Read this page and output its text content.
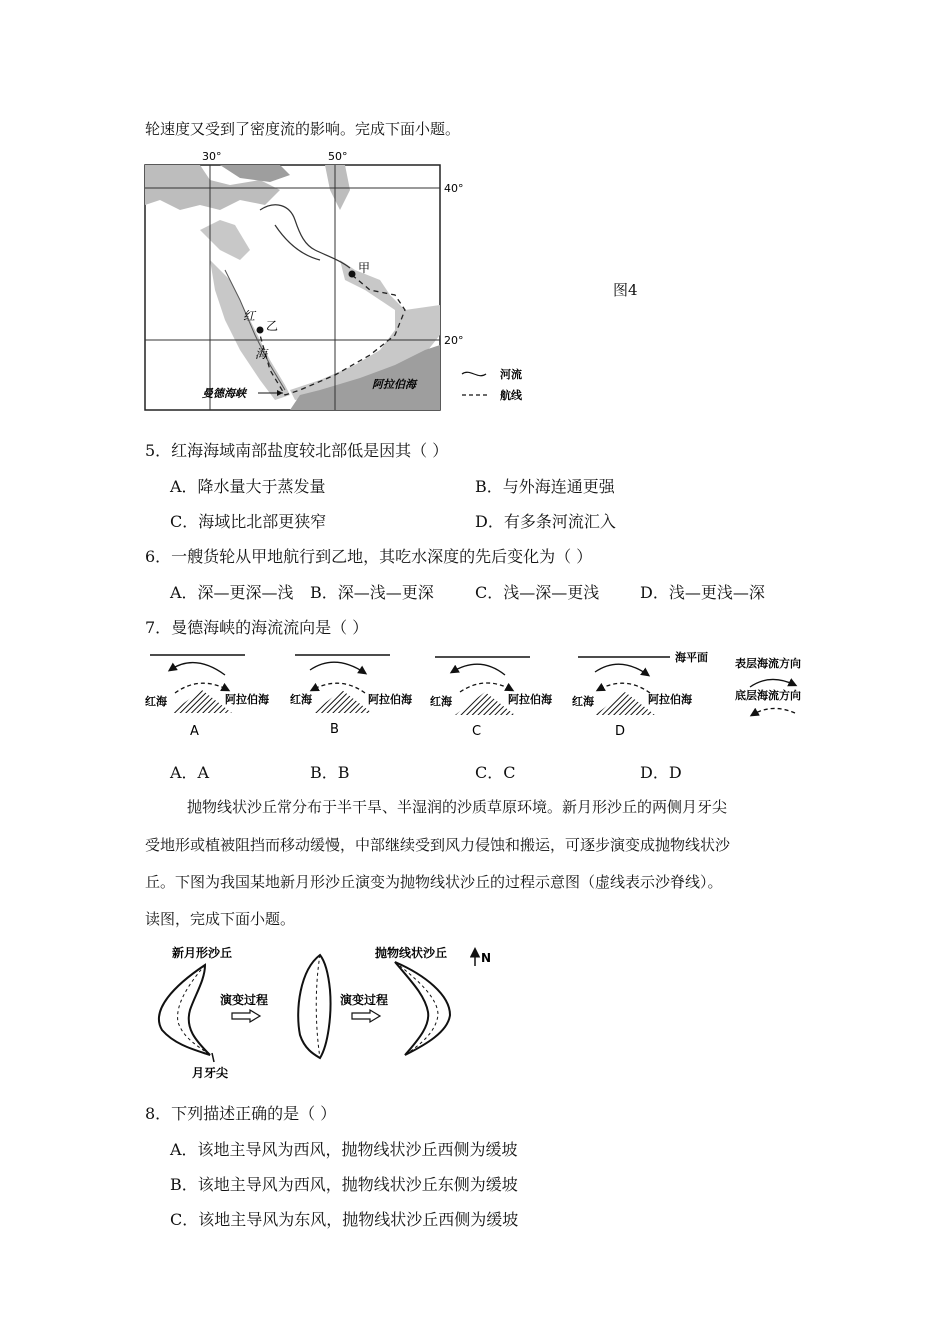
轮速度又受到了密度流的影响。完成下面小题。
30°	50°
40°
20°
甲
乙
红
海
曼德海峡
阿拉伯海
河流
航线
图4
5．红海海域南部盐度较北部低是因其（ ）
A．降水量大于蒸发量	B．与外海连通更强
C．海域比北部更狭窄	D．有多条河流汇入
6．一艘货轮从甲地航行到乙地，其吃水深度的先后变化为（ ）
A．深—更深—浅 B．深—浅—更深	C．浅—深—更浅	D．浅—更浅—深
7．曼德海峡的海流流向是（ ）
红海	阿拉伯海
A
红海	阿拉伯海
B
红海	阿拉伯海
C
海平面
红海	阿拉伯海
D
表层海流方向
底层海流方向
A．A	B．B	C．C	D．D
抛物线状沙丘常分布于半干旱、半湿润的沙质草原环境。新月形沙丘的两侧月牙尖
受地形或植被阻挡而移动缓慢，中部继续受到风力侵蚀和搬运，可逐步演变成抛物线状沙
丘。下图为我国某地新月形沙丘演变为抛物线状沙丘的过程示意图（虚线表示沙脊线）。
读图，完成下面小题。
新月形沙丘
月牙尖
演变过程	演变过程
抛物线状沙丘	N
8．下列描述正确的是（ ）
A．该地主导风为西风，抛物线状沙丘西侧为缓坡
B．该地主导风为西风，抛物线状沙丘东侧为缓坡
C．该地主导风为东风，抛物线状沙丘西侧为缓坡
